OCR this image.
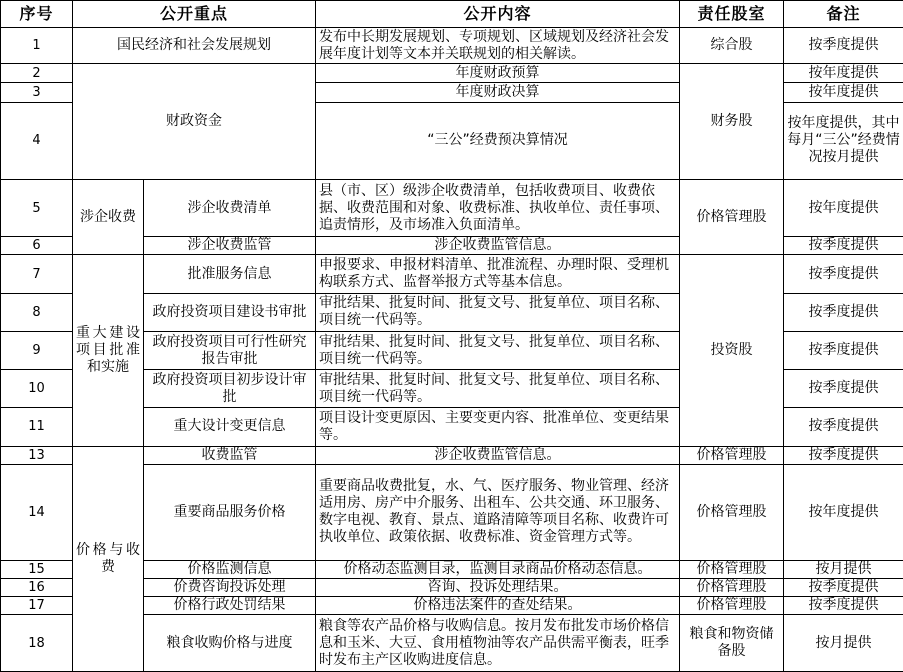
序号	公开重点		公开内容	责任股室	备注
1	国民经济和社会发展规划		发布中长期发展规划、专项规划、区域规划及经济社会发展年度计划等文本并关联规划的相关解读。	综合股	按季度提供
2	财政资金		年度财政预算	财务股	按年度提供
3			年度财政决算		按年度提供
4			“三公”经费预决算情况		按年度提供，其中每月“三公”经费情况按月提供
5	涉企收费	涉企收费清单	县（市、区）级涉企收费清单，包括收费项目、收费依据、收费范围和对象、收费标准、执收单位、责任事项、追责情形，及市场准入负面清单。	价格管理股	按年度提供
6		涉企收费监管	涉企收费监管信息。		按季度提供
7	重大建设项目批准和实施	批准服务信息	申报要求、申报材料清单、批准流程、办理时限、受理机构联系方式、监督举报方式等基本信息。	投资股	按季度提供
8		政府投资项目建设书审批	审批结果、批复时间、批复文号、批复单位、项目名称、项目统一代码等。		按季度提供
9		政府投资项目可行性研究报告审批	审批结果、批复时间、批复文号、批复单位、项目名称、项目统一代码等。		按季度提供
10		政府投资项目初步设计审批	审批结果、批复时间、批复文号、批复单位、项目名称、项目统一代码等。		按季度提供
11		重大设计变更信息	项目设计变更原因、主要变更内容、批准单位、变更结果等。		按季度提供
13	价格与收费	收费监管	涉企收费监管信息。	价格管理股	按季度提供
14		重要商品服务价格	重要商品收费批复，水、气、医疗服务、物业管理、经济适用房、房产中介服务、出租车、公共交通、环卫服务、数字电视、教育、景点、道路清障等项目名称、收费许可执收单位、政策依据、收费标准、资金管理方式等。	价格管理股	按年度提供
15		价格监测信息	价格动态监测目录，监测目录商品价格动态信息。	价格管理股	按月提供
16		价费咨询投诉处理	咨询、投诉处理结果。	价格管理股	按季度提供
17		价格行政处罚结果	价格违法案件的查处结果。	价格管理股	按季度提供
18		粮食收购价格与进度	粮食等农产品价格与收购信息。按月发布批发市场价格信息和玉米、大豆、食用植物油等农产品供需平衡表，旺季时发布主产区收购进度信息。	粮食和物资储备股	按月提供
